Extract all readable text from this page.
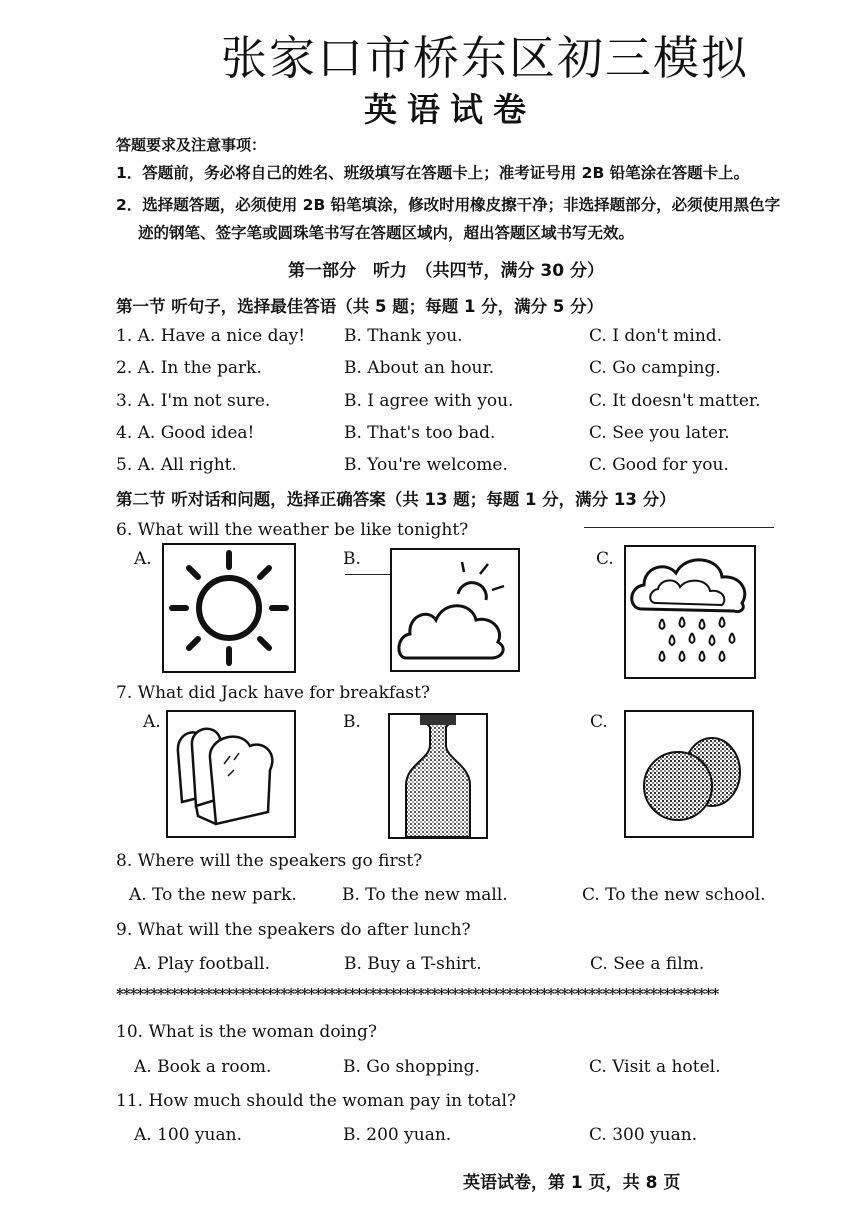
张家口市桥东区初三模拟
英语试卷
答题要求及注意事项：
1．答题前，务必将自己的姓名、班级填写在答题卡上；准考证号用 2B 铅笔涂在答题卡上。
2．选择题答题，必须使用 2B 铅笔填涂，修改时用橡皮擦干净；非选择题部分，必须使用黑色字
迹的钢笔、签字笔或圆珠笔书写在答题区域内，超出答题区域书写无效。
第一部分　听力　（共四节，满分 30 分）
第一节 听句子，选择最佳答语（共 5 题；每题 1 分，满分 5 分）
1. A. Have a nice day! B. Thank you.	C. I don't mind.
2. A. In the park.	B. About an hour.	C. Go camping.
3. A. I'm not sure.	B. I agree with you.	C. It doesn't matter.
4. A. Good idea!	B. That's too bad.	C. See you later.
5. A. All right.	B. You're welcome.	C. Good for you.
第二节 听对话和问题，选择正确答案（共 13 题；每题 1 分，满分 13 分）
6. What will the weather be like tonight?
A.	B.	C.
7. What did Jack have for breakfast?
A.	B.	C.
8. Where will the speakers go first?
A. To the new park.	B. To the new mall.	C. To the new school.
9. What will the speakers do after lunch?
A. Play football.	B. Buy a T-shirt.	C. See a film.
****************************************************************************************
10. What is the woman doing?
A. Book a room.	B. Go shopping.	C. Visit a hotel.
11. How much should the woman pay in total?
A. 100 yuan.	B. 200 yuan.	C. 300 yuan.
英语试卷，第 1 页，共 8 页
